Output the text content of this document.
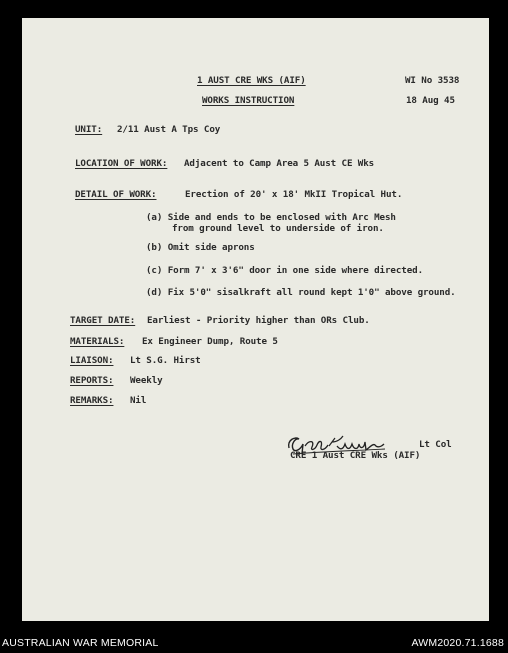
1 AUST CRE WKS (AIF)	WI No 3538
WORKS INSTRUCTION	18 Aug 45
UNIT: 2/11 Aust A Tps Coy
LOCATION OF WORK: Adjacent to Camp Area 5 Aust CE Wks
DETAIL OF WORK:	Erection of 20' x 18' MkII Tropical Hut.
(a) Side and ends to be enclosed with Arc Mesh
from ground level to underside of iron.
(b) Omit side aprons
(c) Form 7' x 3'6" door in one side where directed.
(d) Fix 5'0" sisalkraft all round kept 1'0" above ground.
TARGET DATE: Earliest - Priority higher than ORs Club.
MATERIALS: Ex Engineer Dump, Route 5
LIAISON: Lt S.G. Hirst
REPORTS: Weekly
REMARKS: Nil
Lt Col
CRE 1 Aust CRE Wks (AIF)
AUSTRALIAN WAR MEMORIAL	AWM2020.71.1688
